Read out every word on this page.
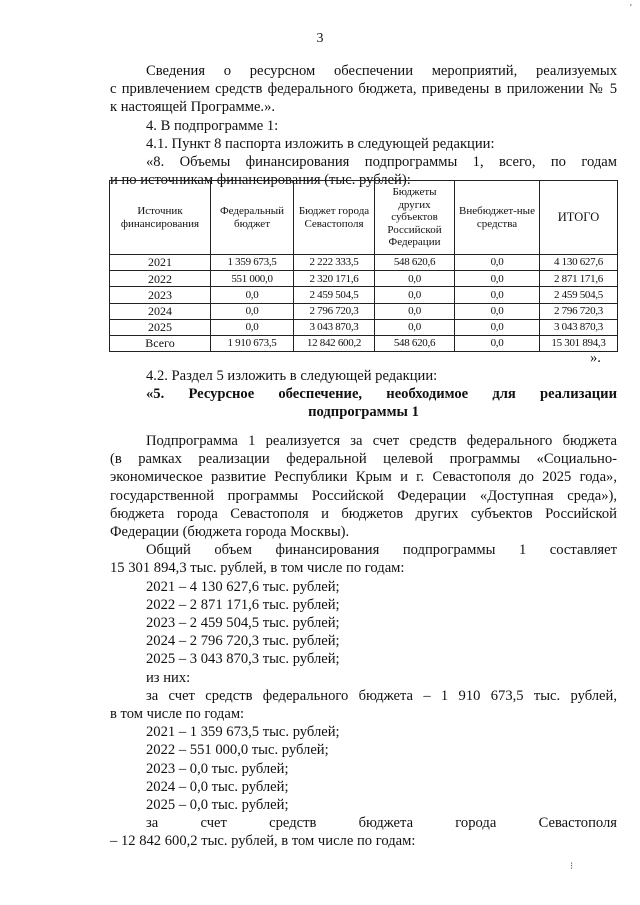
3

Сведения о ресурсном обеспечении мероприятий, реализуемых

с привлечением средств федерального бюджета, приведены в приложении № 5

к настоящей Программе.».

4. В подпрограмме 1:

4.1. Пункт 8 паспорта изложить в следующей редакции:

«8. Объемы финансирования подпрограммы 1, всего, по годам

и по источникам финансирования (тыс. рублей):

Источник финансирования	Федеральный бюджет	Бюджет города Севастополя	Бюджеты других субъектов Российской Федерации	Внебюджет-ные средства	ИТОГО
2021	1 359 673,5	2 222 333,5	548 620,6	0,0	4 130 627,6
2022	551 000,0	2 320 171,6	0,0	0,0	2 871 171,6
2023	0,0	2 459 504,5	0,0	0,0	2 459 504,5
2024	0,0	2 796 720,3	0,0	0,0	2 796 720,3
2025	0,0	3 043 870,3	0,0	0,0	3 043 870,3
Всего	1 910 673,5	12 842 600,2	548 620,6	0,0	15 301 894,3
».

4.2. Раздел 5 изложить в следующей редакции:

«5. Ресурсное обеспечение, необходимое для реализации

подпрограммы 1

Подпрограмма 1 реализуется за счет средств федерального бюджета

(в рамках реализации федеральной целевой программы «Социально-

экономическое развитие Республики Крым и г. Севастополя до 2025 года»,

государственной программы Российской Федерации «Доступная среда»),

бюджета города Севастополя и бюджетов других субъектов Российской

Федерации (бюджета города Москвы).

Общий объем финансирования подпрограммы 1 составляет

15 301 894,3 тыс. рублей, в том числе по годам:

2021 – 4 130 627,6 тыс. рублей;

2022 – 2 871 171,6 тыс. рублей;

2023 – 2 459 504,5 тыс. рублей;

2024 – 2 796 720,3 тыс. рублей;

2025 – 3 043 870,3 тыс. рублей;

из них:

за счет средств федерального бюджета – 1 910 673,5 тыс. рублей,

в том числе по годам:

2021 – 1 359 673,5 тыс. рублей;

2022 – 551 000,0 тыс. рублей;

2023 – 0,0 тыс. рублей;

2024 – 0,0 тыс. рублей;

2025 – 0,0 тыс. рублей;

за счет средств бюджета города Севастополя

– 12 842 600,2 тыс. рублей, в том числе по годам:

'
⁝
